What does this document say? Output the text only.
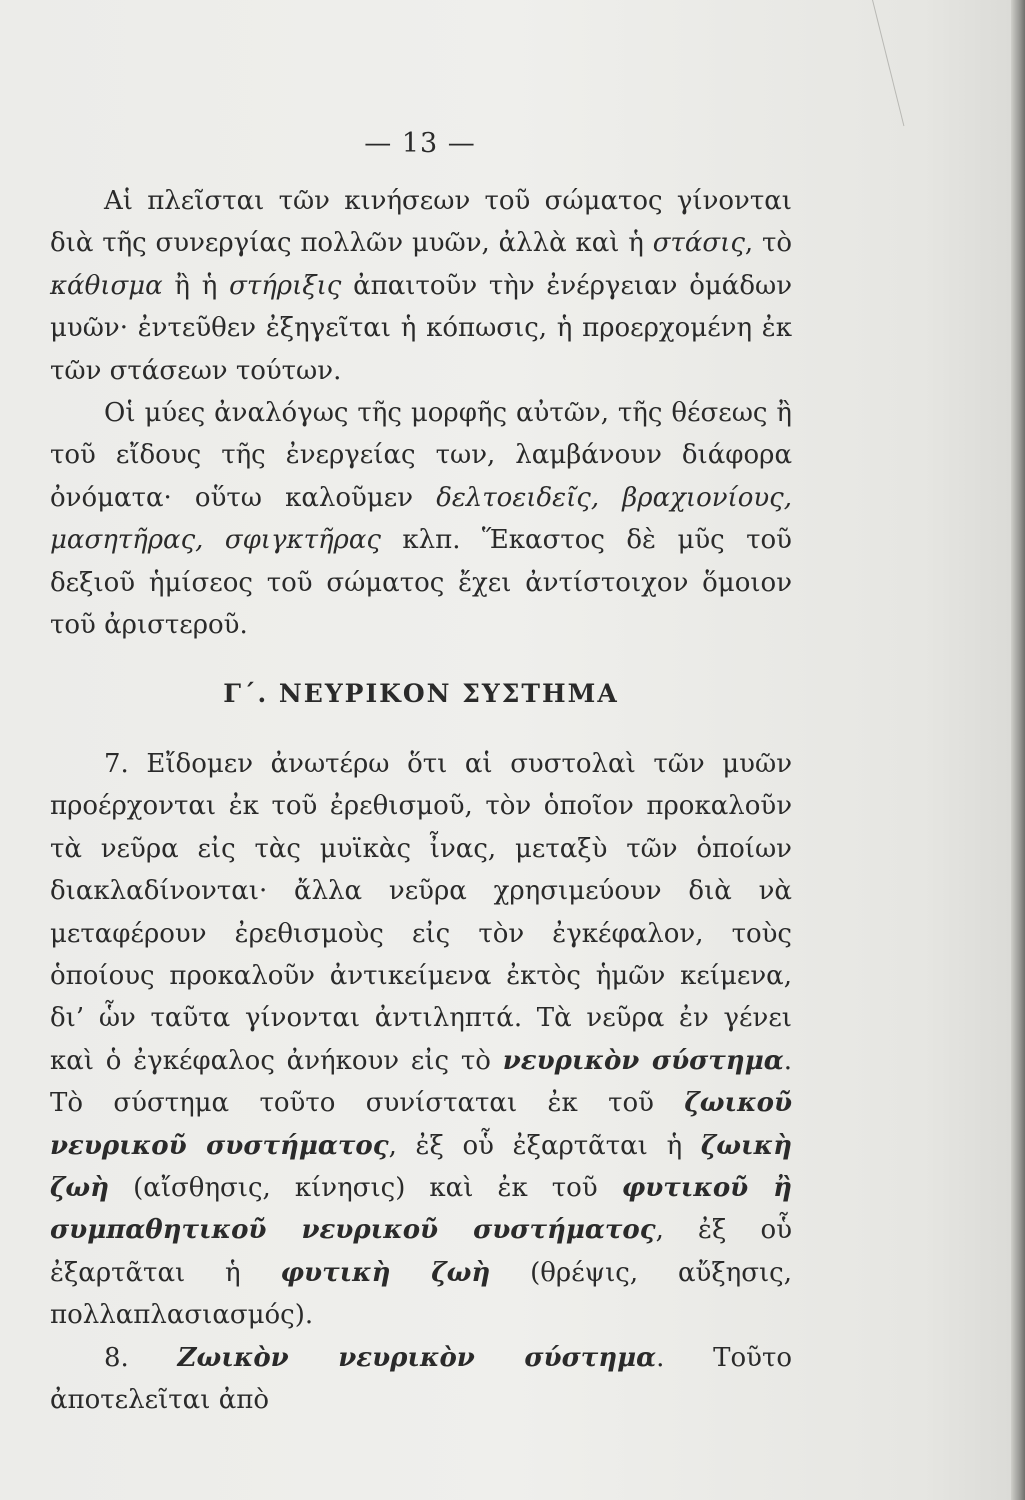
— 13 —

Αἱ πλεῖσται τῶν κινήσεων τοῦ σώματος γίνονται διὰ τῆς συνεργίας πολλῶν μυῶν, ἀλλὰ καὶ ἡ στάσις, τὸ κάθισμα ἢ ἡ στήριξις ἀπαιτοῦν τὴν ἐνέργειαν ὁμάδων μυῶν· ἐντεῦθεν ἐξηγεῖται ἡ κόπωσις, ἡ προερχομένη ἐκ τῶν στάσεων τούτων.

Οἱ μύες ἀναλόγως τῆς μορφῆς αὐτῶν, τῆς θέσεως ἢ τοῦ εἴδους τῆς ἐνεργείας των, λαμβάνουν διάφορα ὀνόματα· οὕτω καλοῦμεν δελτοειδεῖς, βραχιονίους, μασητῆρας, σφιγκτῆρας κλπ. Ἕκαστος δὲ μῦς τοῦ δεξιοῦ ἡμίσεος τοῦ σώματος ἔχει ἀντίστοιχον ὅμοιον τοῦ ἀριστεροῦ.

Γ΄. ΝΕΥΡΙΚΟΝ ΣΥΣΤΗΜΑ

7. Εἴδομεν ἀνωτέρω ὅτι αἱ συστολαὶ τῶν μυῶν προέρχονται ἐκ τοῦ ἐρεθισμοῦ, τὸν ὁποῖον προκαλοῦν τὰ νεῦρα εἰς τὰς μυϊκὰς ἶνας, μεταξὺ τῶν ὁποίων διακλαδίνονται· ἄλλα νεῦρα χρησιμεύουν διὰ νὰ μεταφέρουν ἐρεθισμοὺς εἰς τὸν ἐγκέφαλον, τοὺς ὁποίους προκαλοῦν ἀντικείμενα ἐκτὸς ἡμῶν κείμενα, δι’ ὧν ταῦτα γίνονται ἀντιληπτά. Τὰ νεῦρα ἐν γένει καὶ ὁ ἐγκέφαλος ἀνήκουν εἰς τὸ νευρικὸν σύστημα. Τὸ σύστημα τοῦτο συνίσταται ἐκ τοῦ ζωικοῦ νευρικοῦ συστήματος, ἐξ οὗ ἐξαρτᾶται ἡ ζωικὴ ζωὴ (αἴσθησις, κίνησις) καὶ ἐκ τοῦ φυτικοῦ ἢ συμπαθητικοῦ νευρικοῦ συστήματος, ἐξ οὗ ἐξαρτᾶται ἡ φυτικὴ ζωὴ (θρέψις, αὔξησις, πολλαπλασιασμός).

8. Ζωικὸν νευρικὸν σύστημα. Τοῦτο ἀποτελεῖται ἀπὸ
